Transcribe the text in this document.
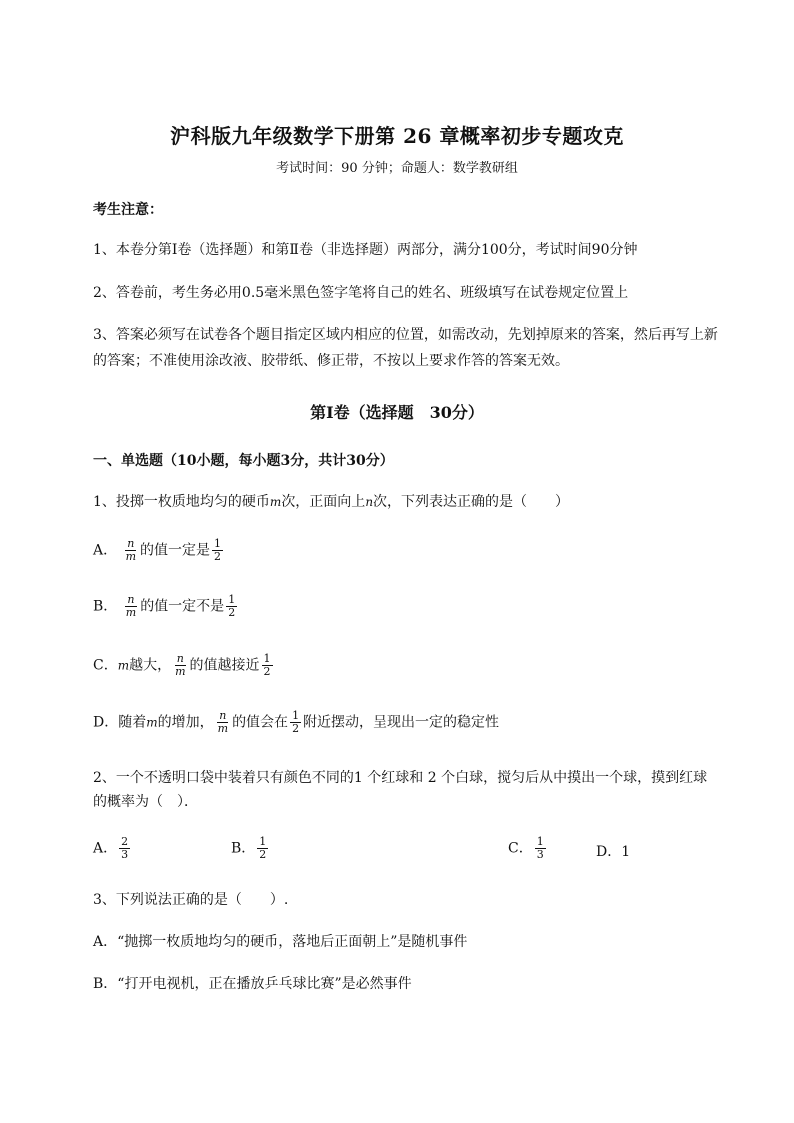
沪科版九年级数学下册第 26 章概率初步专题攻克
考试时间：90 分钟；命题人：数学教研组
考生注意：
1、本卷分第I卷（选择题）和第Ⅱ卷（非选择题）两部分，满分100分，考试时间90分钟
2、答卷前，考生务必用0.5毫米黑色签字笔将自己的姓名、班级填写在试卷规定位置上
3、答案必须写在试卷各个题目指定区域内相应的位置，如需改动，先划掉原来的答案，然后再写上新
的答案；不准使用涂改液、胶带纸、修正带，不按以上要求作答的答案无效。
第I卷（选择题　30分）
一、单选题（10小题，每小题3分，共计30分）
1、投掷一枚质地均匀的硬币m次，正面向上n次，下列表达正确的是（　　）
A． $\frac{n}{m}$ 的值一定是 $\frac{1}{2}$
B． $\frac{n}{m}$ 的值一定不是 $\frac{1}{2}$
C．m越大， $\frac{n}{m}$ 的值越接近 $\frac{1}{2}$
D．随着m的增加， $\frac{n}{m}$ 的值会在 $\frac{1}{2}$ 附近摆动，呈现出一定的稳定性
2、一个不透明口袋中装着只有颜色不同的1 个红球和 2 个白球，搅匀后从中摸出一个球，摸到红球
的概率为（　）．
A． $\frac{2}{3}$	B． $\frac{1}{2}$	C． $\frac{1}{3}$	D．1
3、下列说法正确的是（　　）.
A．“抛掷一枚质地均匀的硬币，落地后正面朝上”是随机事件
B．“打开电视机，正在播放乒乓球比赛”是必然事件
